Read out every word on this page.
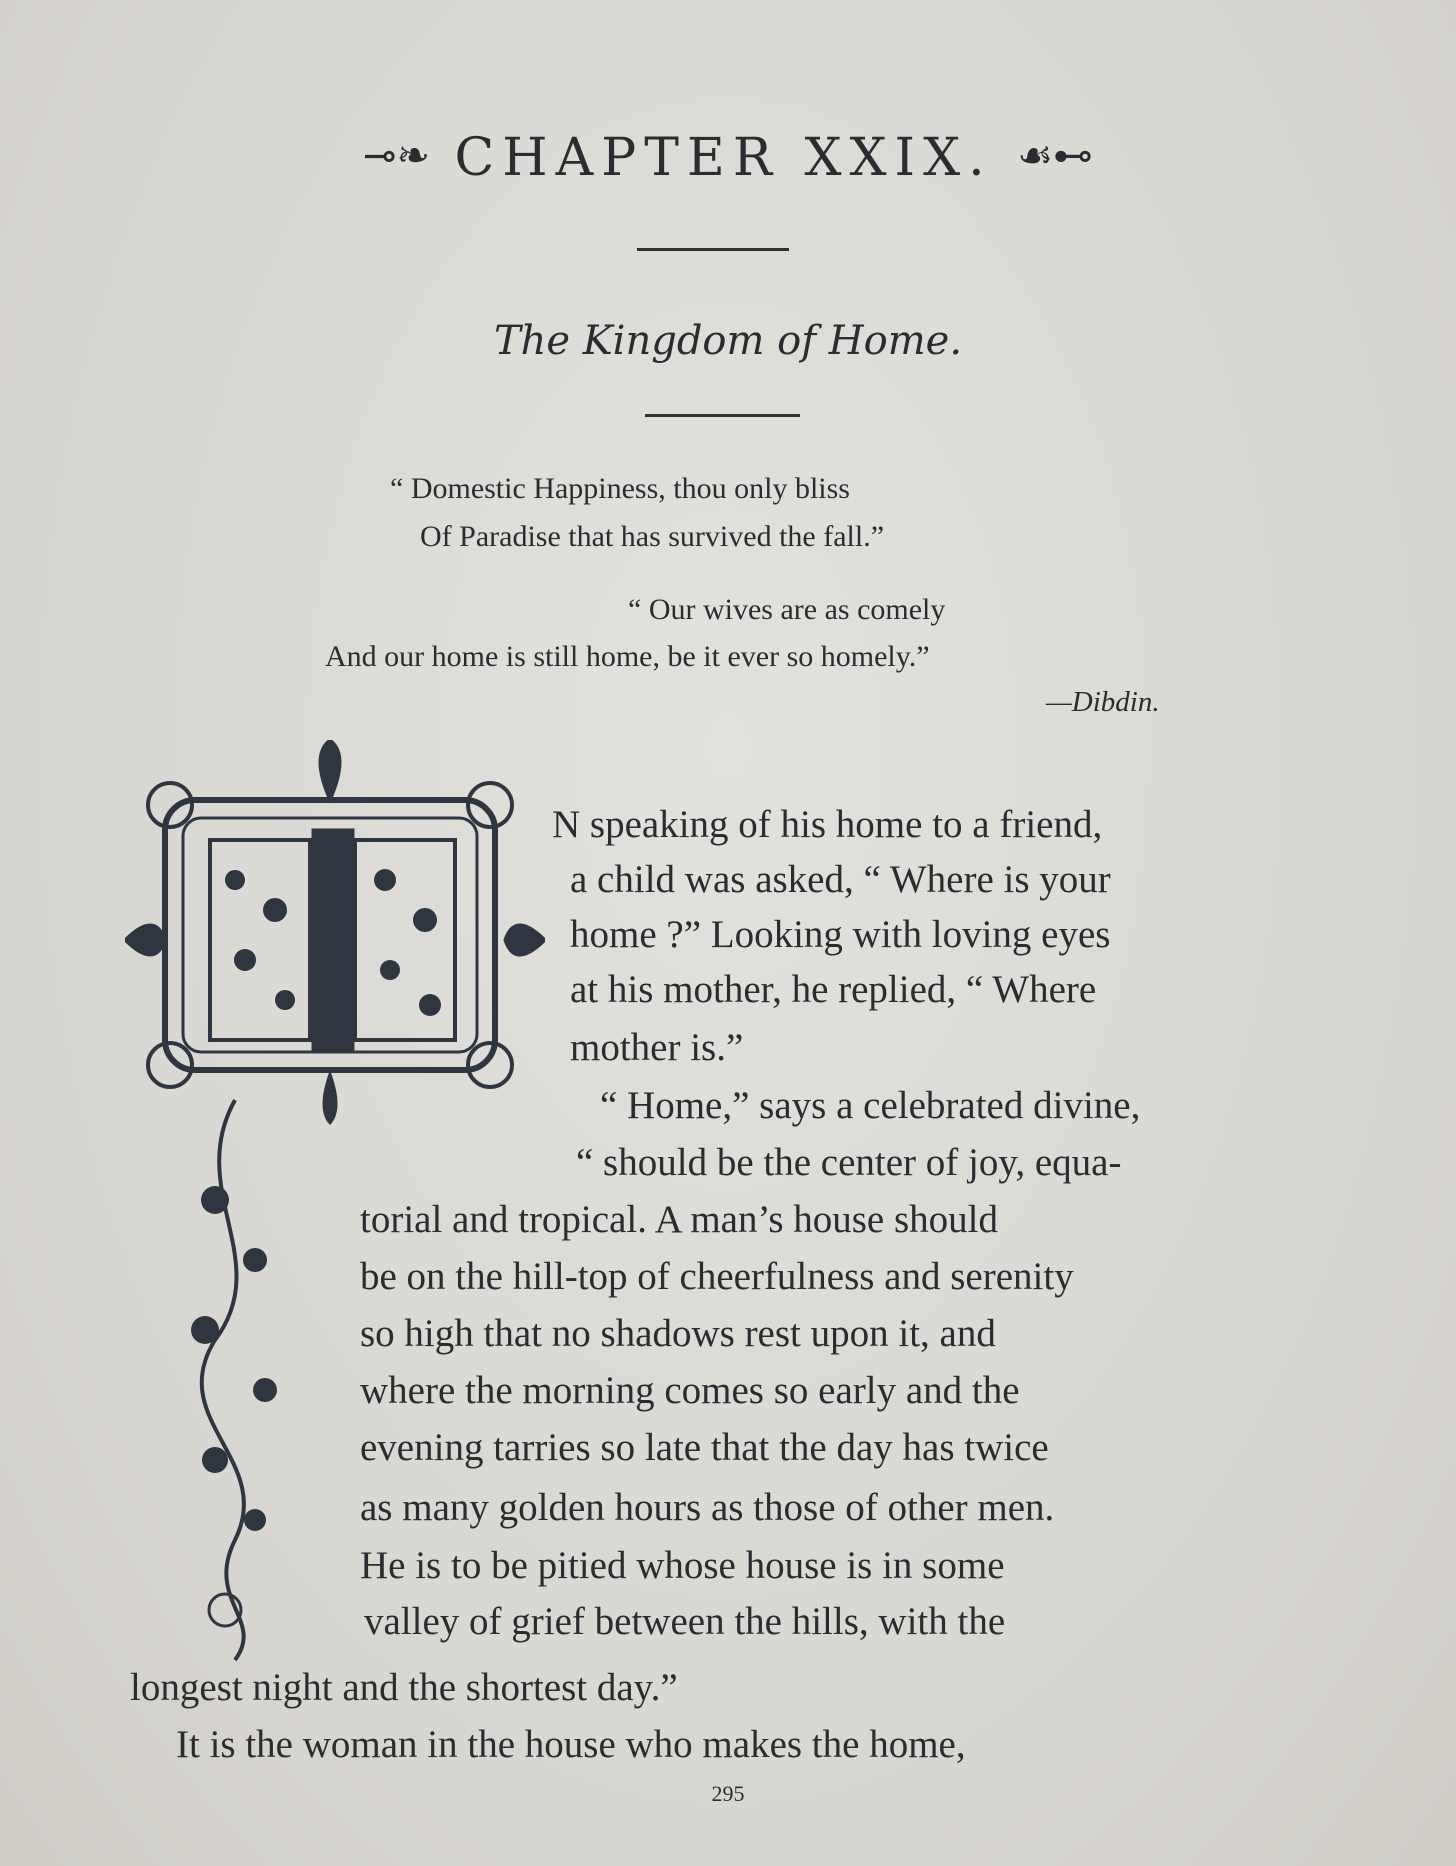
⊸❧ CHAPTER XXIX. ☙⊷
The Kingdom of Home.
“ Domestic Happiness, thou only bliss
Of Paradise that has survived the fall.”
“ Our wives are as comely
And our home is still home, be it ever so homely.”
—Dibdin.
N speaking of his home to a friend,
a child was asked, “ Where is your
home ?” Looking with loving eyes
at his mother, he replied, “ Where
mother is.”
“ Home,” says a celebrated divine,
“ should be the center of joy, equa-
torial and tropical. A man’s house should
be on the hill-top of cheerfulness and serenity
so high that no shadows rest upon it, and
where the morning comes so early and the
evening tarries so late that the day has twice
as many golden hours as those of other men.
He is to be pitied whose house is in some
valley of grief between the hills, with the
longest night and the shortest day.”
It is the woman in the house who makes the home,
295
